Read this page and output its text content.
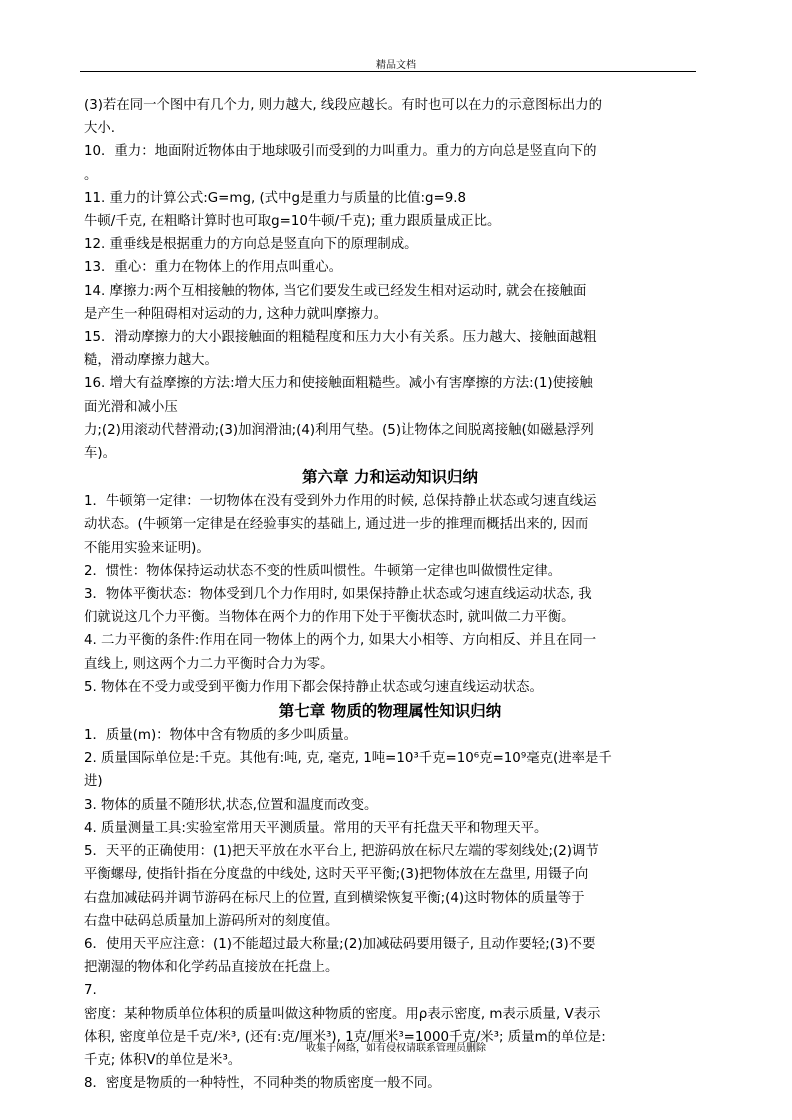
精品文档

(3)若在同一个图中有几个力, 则力越大, 线段应越长。有时也可以在力的示意图标出力的

大小.

10．重力：地面附近物体由于地球吸引而受到的力叫重力。重力的方向总是竖直向下的

。

11. 重力的计算公式:G=mg, (式中g是重力与质量的比值:g=9.8

牛顿/千克, 在粗略计算时也可取g=10牛顿/千克); 重力跟质量成正比。

12. 重垂线是根据重力的方向总是竖直向下的原理制成。

13．重心：重力在物体上的作用点叫重心。

14. 摩擦力:两个互相接触的物体, 当它们要发生或已经发生相对运动时, 就会在接触面

是产生一种阻碍相对运动的力, 这种力就叫摩擦力。

15．滑动摩擦力的大小跟接触面的粗糙程度和压力大小有关系。压力越大、接触面越粗

糙，滑动摩擦力越大。

16. 增大有益摩擦的方法:增大压力和使接触面粗糙些。减小有害摩擦的方法:(1)使接触

面光滑和减小压

力;(2)用滚动代替滑动;(3)加润滑油;(4)利用气垫。(5)让物体之间脱离接触(如磁悬浮列

车)。

第六章 力和运动知识归纳

1．牛顿第一定律：一切物体在没有受到外力作用的时候, 总保持静止状态或匀速直线运

动状态。(牛顿第一定律是在经验事实的基础上, 通过进一步的推理而概括出来的, 因而

不能用实验来证明)。

2．惯性：物体保持运动状态不变的性质叫惯性。牛顿第一定律也叫做惯性定律。

3．物体平衡状态：物体受到几个力作用时, 如果保持静止状态或匀速直线运动状态, 我

们就说这几个力平衡。当物体在两个力的作用下处于平衡状态时, 就叫做二力平衡。

4. 二力平衡的条件:作用在同一物体上的两个力, 如果大小相等、方向相反、并且在同一

直线上, 则这两个力二力平衡时合力为零。

5. 物体在不受力或受到平衡力作用下都会保持静止状态或匀速直线运动状态。

第七章 物质的物理属性知识归纳

1．质量(m)：物体中含有物质的多少叫质量。

2. 质量国际单位是:千克。其他有:吨, 克, 毫克, 1吨=10³千克=10⁶克=10⁹毫克(进率是千

进)

3. 物体的质量不随形状,状态,位置和温度而改变。

4. 质量测量工具:实验室常用天平测质量。常用的天平有托盘天平和物理天平。

5．天平的正确使用：(1)把天平放在水平台上, 把游码放在标尺左端的零刻线处;(2)调节

平衡螺母, 使指针指在分度盘的中线处, 这时天平平衡;(3)把物体放在左盘里, 用镊子向

右盘加减砝码并调节游码在标尺上的位置, 直到横梁恢复平衡;(4)这时物体的质量等于

右盘中砝码总质量加上游码所对的刻度值。

6．使用天平应注意：(1)不能超过最大称量;(2)加减砝码要用镊子, 且动作要轻;(3)不要

把潮湿的物体和化学药品直接放在托盘上。

7.

密度：某种物质单位体积的质量叫做这种物质的密度。用ρ表示密度, m表示质量, V表示

体积, 密度单位是千克/米³, (还有:克/厘米³), 1克/厘米³=1000千克/米³; 质量m的单位是:

千克; 体积V的单位是米³。

8．密度是物质的一种特性，不同种类的物质密度一般不同。

收集于网络，如有侵权请联系管理员删除
